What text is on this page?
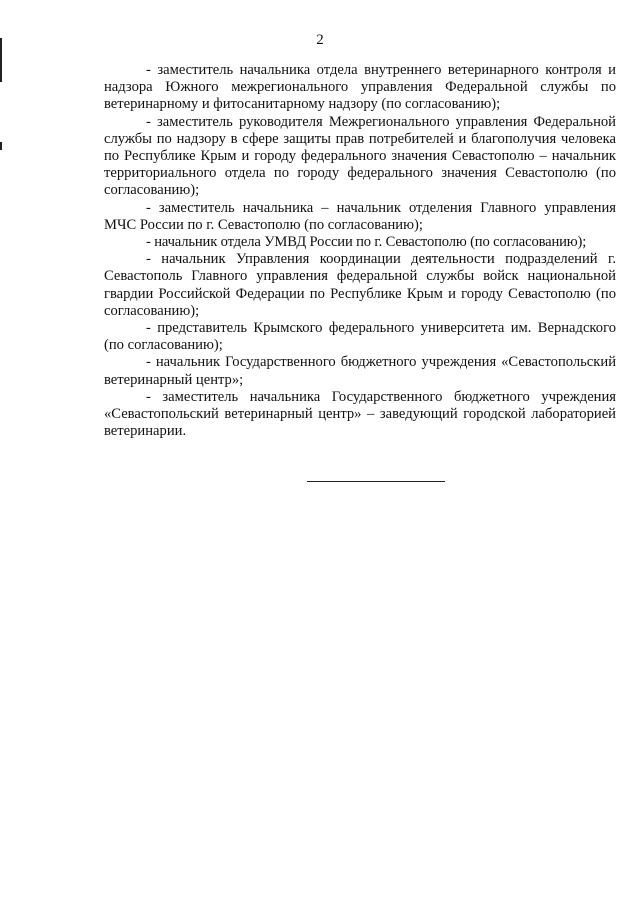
2

- заместитель начальника отдела внутреннего ветеринарного контроля и надзора Южного межрегионального управления Федеральной службы по ветеринарному и фитосанитарному надзору (по согласованию);

- заместитель руководителя Межрегионального управления Федеральной службы по надзору в сфере защиты прав потребителей и благополучия человека по Республике Крым и городу федерального значения Севастополю – начальник территориального отдела по городу федерального значения Севастополю (по согласованию);

- заместитель начальника – начальник отделения Главного управления МЧС России по г. Севастополю (по согласованию);

- начальник отдела УМВД России по г. Севастополю (по согласованию);

- начальник Управления координации деятельности подразделений г. Севастополь Главного управления федеральной службы войск национальной гвардии Российской Федерации по Республике Крым и городу Севастополю (по согласованию);

- представитель Крымского федерального университета им. Вернадского (по согласованию);

- начальник Государственного бюджетного учреждения «Севастопольский ветеринарный центр»;

- заместитель начальника Государственного бюджетного учреждения «Севастопольский ветеринарный центр» – заведующий городской лабораторией ветеринарии.
